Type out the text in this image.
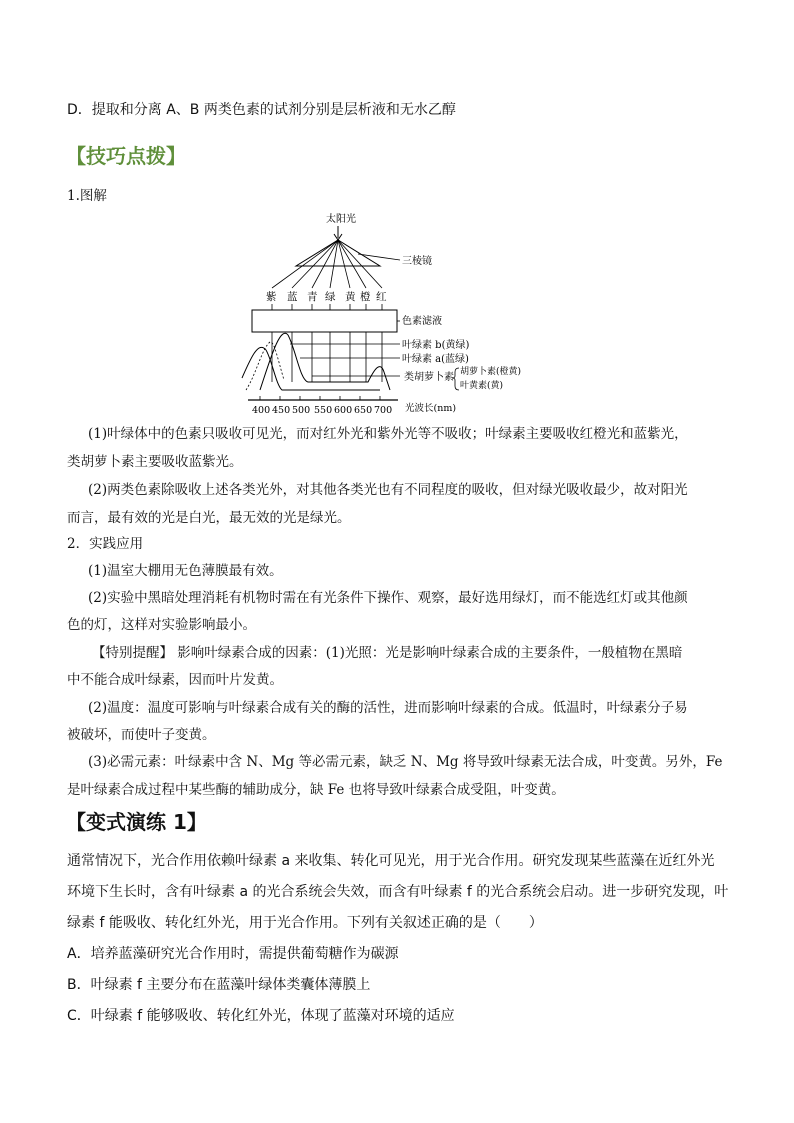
D．提取和分离 A、B 两类色素的试剂分别是层析液和无水乙醇
【技巧点拨】
1.图解
太阳光
三棱镜
紫 蓝 青 绿 黄 橙 红
色素滤液
叶绿素 b(黄绿)
叶绿素 a(蓝绿)
类胡萝卜素 胡萝卜素(橙黄)
叶黄素(黄)
400 450 500 550 600 650 700 光波长(nm)
(1)叶绿体中的色素只吸收可见光，而对红外光和紫外光等不吸收；叶绿素主要吸收红橙光和蓝紫光，
类胡萝卜素主要吸收蓝紫光。
(2)两类色素除吸收上述各类光外，对其他各类光也有不同程度的吸收，但对绿光吸收最少，故对阳光
而言，最有效的光是白光，最无效的光是绿光。
2．实践应用
(1)温室大棚用无色薄膜最有效。
(2)实验中黑暗处理消耗有机物时需在有光条件下操作、观察，最好选用绿灯，而不能选红灯或其他颜
色的灯，这样对实验影响最小。
【特别提醒】 影响叶绿素合成的因素：(1)光照：光是影响叶绿素合成的主要条件，一般植物在黑暗
中不能合成叶绿素，因而叶片发黄。
(2)温度：温度可影响与叶绿素合成有关的酶的活性，进而影响叶绿素的合成。低温时，叶绿素分子易
被破坏，而使叶子变黄。
(3)必需元素：叶绿素中含 N、Mg 等必需元素，缺乏 N、Mg 将导致叶绿素无法合成，叶变黄。另外，Fe
是叶绿素合成过程中某些酶的辅助成分，缺 Fe 也将导致叶绿素合成受阻，叶变黄。
【变式演练 1】
通常情况下，光合作用依赖叶绿素 a 来收集、转化可见光，用于光合作用。研究发现某些蓝藻在近红外光
环境下生长时，含有叶绿素 a 的光合系统会失效，而含有叶绿素 f 的光合系统会启动。进一步研究发现，叶
绿素 f 能吸收、转化红外光，用于光合作用。下列有关叙述正确的是（　　）
A．培养蓝藻研究光合作用时，需提供葡萄糖作为碳源
B．叶绿素 f 主要分布在蓝藻叶绿体类囊体薄膜上
C．叶绿素 f 能够吸收、转化红外光，体现了蓝藻对环境的适应
